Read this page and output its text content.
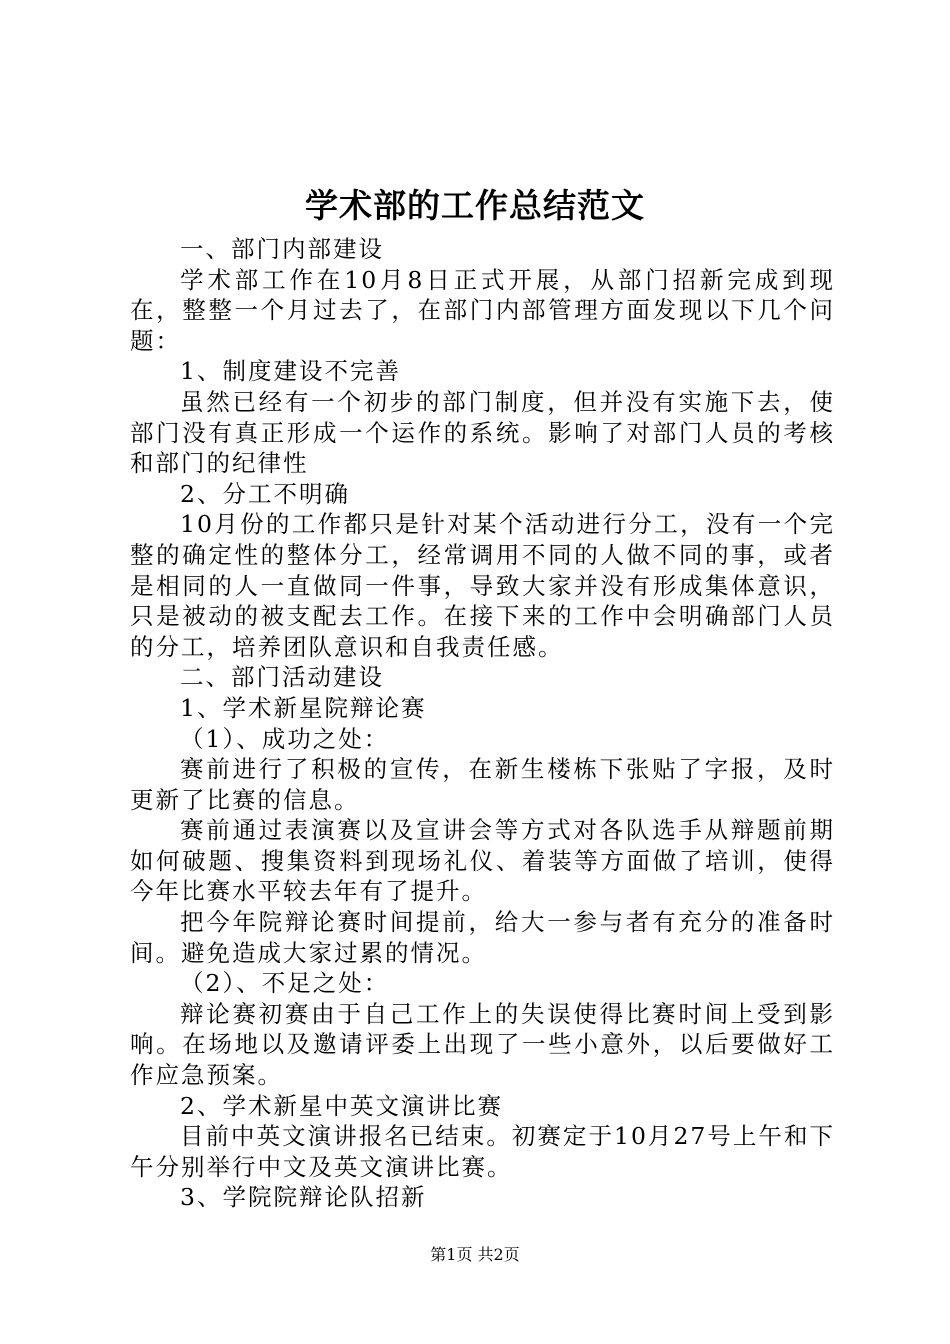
学术部的工作总结范文

一、部门内部建设

学术部工作在10月8日正式开展，从部门招新完成到现在，整整一个月过去了，在部门内部管理方面发现以下几个问题：

1、制度建设不完善

虽然已经有一个初步的部门制度，但并没有实施下去，使部门没有真正形成一个运作的系统。影响了对部门人员的考核和部门的纪律性

2、分工不明确

10月份的工作都只是针对某个活动进行分工，没有一个完整的确定性的整体分工，经常调用不同的人做不同的事，或者是相同的人一直做同一件事，导致大家并没有形成集体意识，只是被动的被支配去工作。在接下来的工作中会明确部门人员的分工，培养团队意识和自我责任感。

二、部门活动建设

1、学术新星院辩论赛

（1）、成功之处：

赛前进行了积极的宣传，在新生楼栋下张贴了字报，及时更新了比赛的信息。

赛前通过表演赛以及宣讲会等方式对各队选手从辩题前期如何破题、搜集资料到现场礼仪、着装等方面做了培训，使得今年比赛水平较去年有了提升。

把今年院辩论赛时间提前，给大一参与者有充分的准备时间。避免造成大家过累的情况。

（2）、不足之处：

辩论赛初赛由于自己工作上的失误使得比赛时间上受到影响。在场地以及邀请评委上出现了一些小意外，以后要做好工作应急预案。

2、学术新星中英文演讲比赛

目前中英文演讲报名已结束。初赛定于10月27号上午和下午分别举行中文及英文演讲比赛。

3、学院院辩论队招新

第1页 共2页
